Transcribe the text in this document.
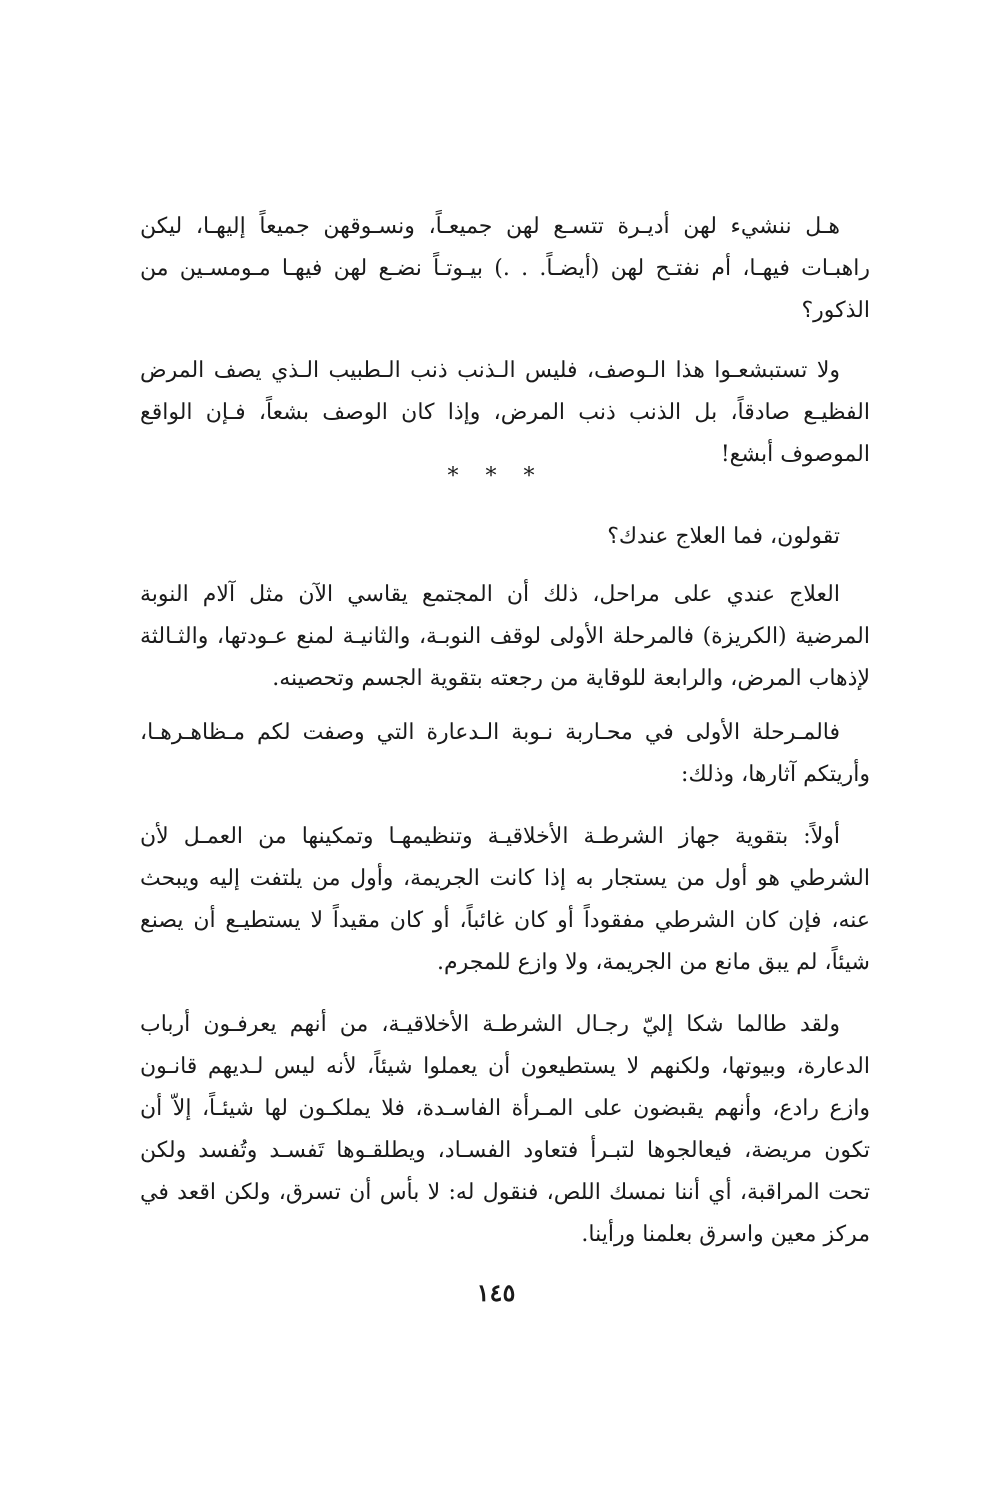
هـل ننشيء لهن أديـرة تتسـع لهن جميعـاً، ونسـوقهن جميعاً إليهـا، ليكن راهبـات فيهـا، أم نفتـح لهن (أيضـاً. . .) بيـوتـاً نضـع لهن فيهـا مـومسـين من الذكور؟

ولا تستبشعـوا هذا الـوصف، فليس الـذنب ذنب الـطبيب الـذي يصف المرض الفظيـع صادقاً، بل الذنب ذنب المرض، وإذا كان الوصف بشعاً، فـإن الواقع الموصوف أبشع!

* * *

تقولون، فما العلاج عندك؟

العلاج عندي على مراحل، ذلك أن المجتمع يقاسي الآن مثل آلام النوبة المرضية (الكريزة) فالمرحلة الأولى لوقف النوبـة، والثانيـة لمنع عـودتها، والثـالثة لإذهاب المرض، والرابعة للوقاية من رجعته بتقوية الجسم وتحصينه.

فالمـرحلة الأولى في محـاربة نـوبة الـدعارة التي وصفت لكم مـظاهـرهـا، وأريتكم آثارها، وذلك:

أولاً: بتقوية جهاز الشرطـة الأخلاقيـة وتنظيمهـا وتمكينها من العمـل لأن الشرطي هو أول من يستجار به إذا كانت الجريمة، وأول من يلتفت إليه ويبحث عنه، فإن كان الشرطي مفقوداً أو كان غائباً، أو كان مقيداً لا يستطيـع أن يصنع شيئاً، لم يبق مانع من الجريمة، ولا وازع للمجرم.

ولقد طالما شكا إليّ رجـال الشرطـة الأخلاقيـة، من أنهم يعرفـون أرباب الدعارة، وبيوتها، ولكنهم لا يستطيعون أن يعملوا شيئاً، لأنه ليس لـديهم قانـون وازع رادع، وأنهم يقبضون على المـرأة الفاسـدة، فلا يملكـون لها شيئـاً، إلاّ أن تكون مريضة، فيعالجوها لتبـرأ فتعاود الفسـاد، ويطلقـوها تَفسـد وتُفسد ولكن تحت المراقبة، أي أننا نمسك اللص، فنقول له: لا بأس أن تسرق، ولكن اقعد في مركز معين واسرق بعلمنا ورأينا.

١٤٥
